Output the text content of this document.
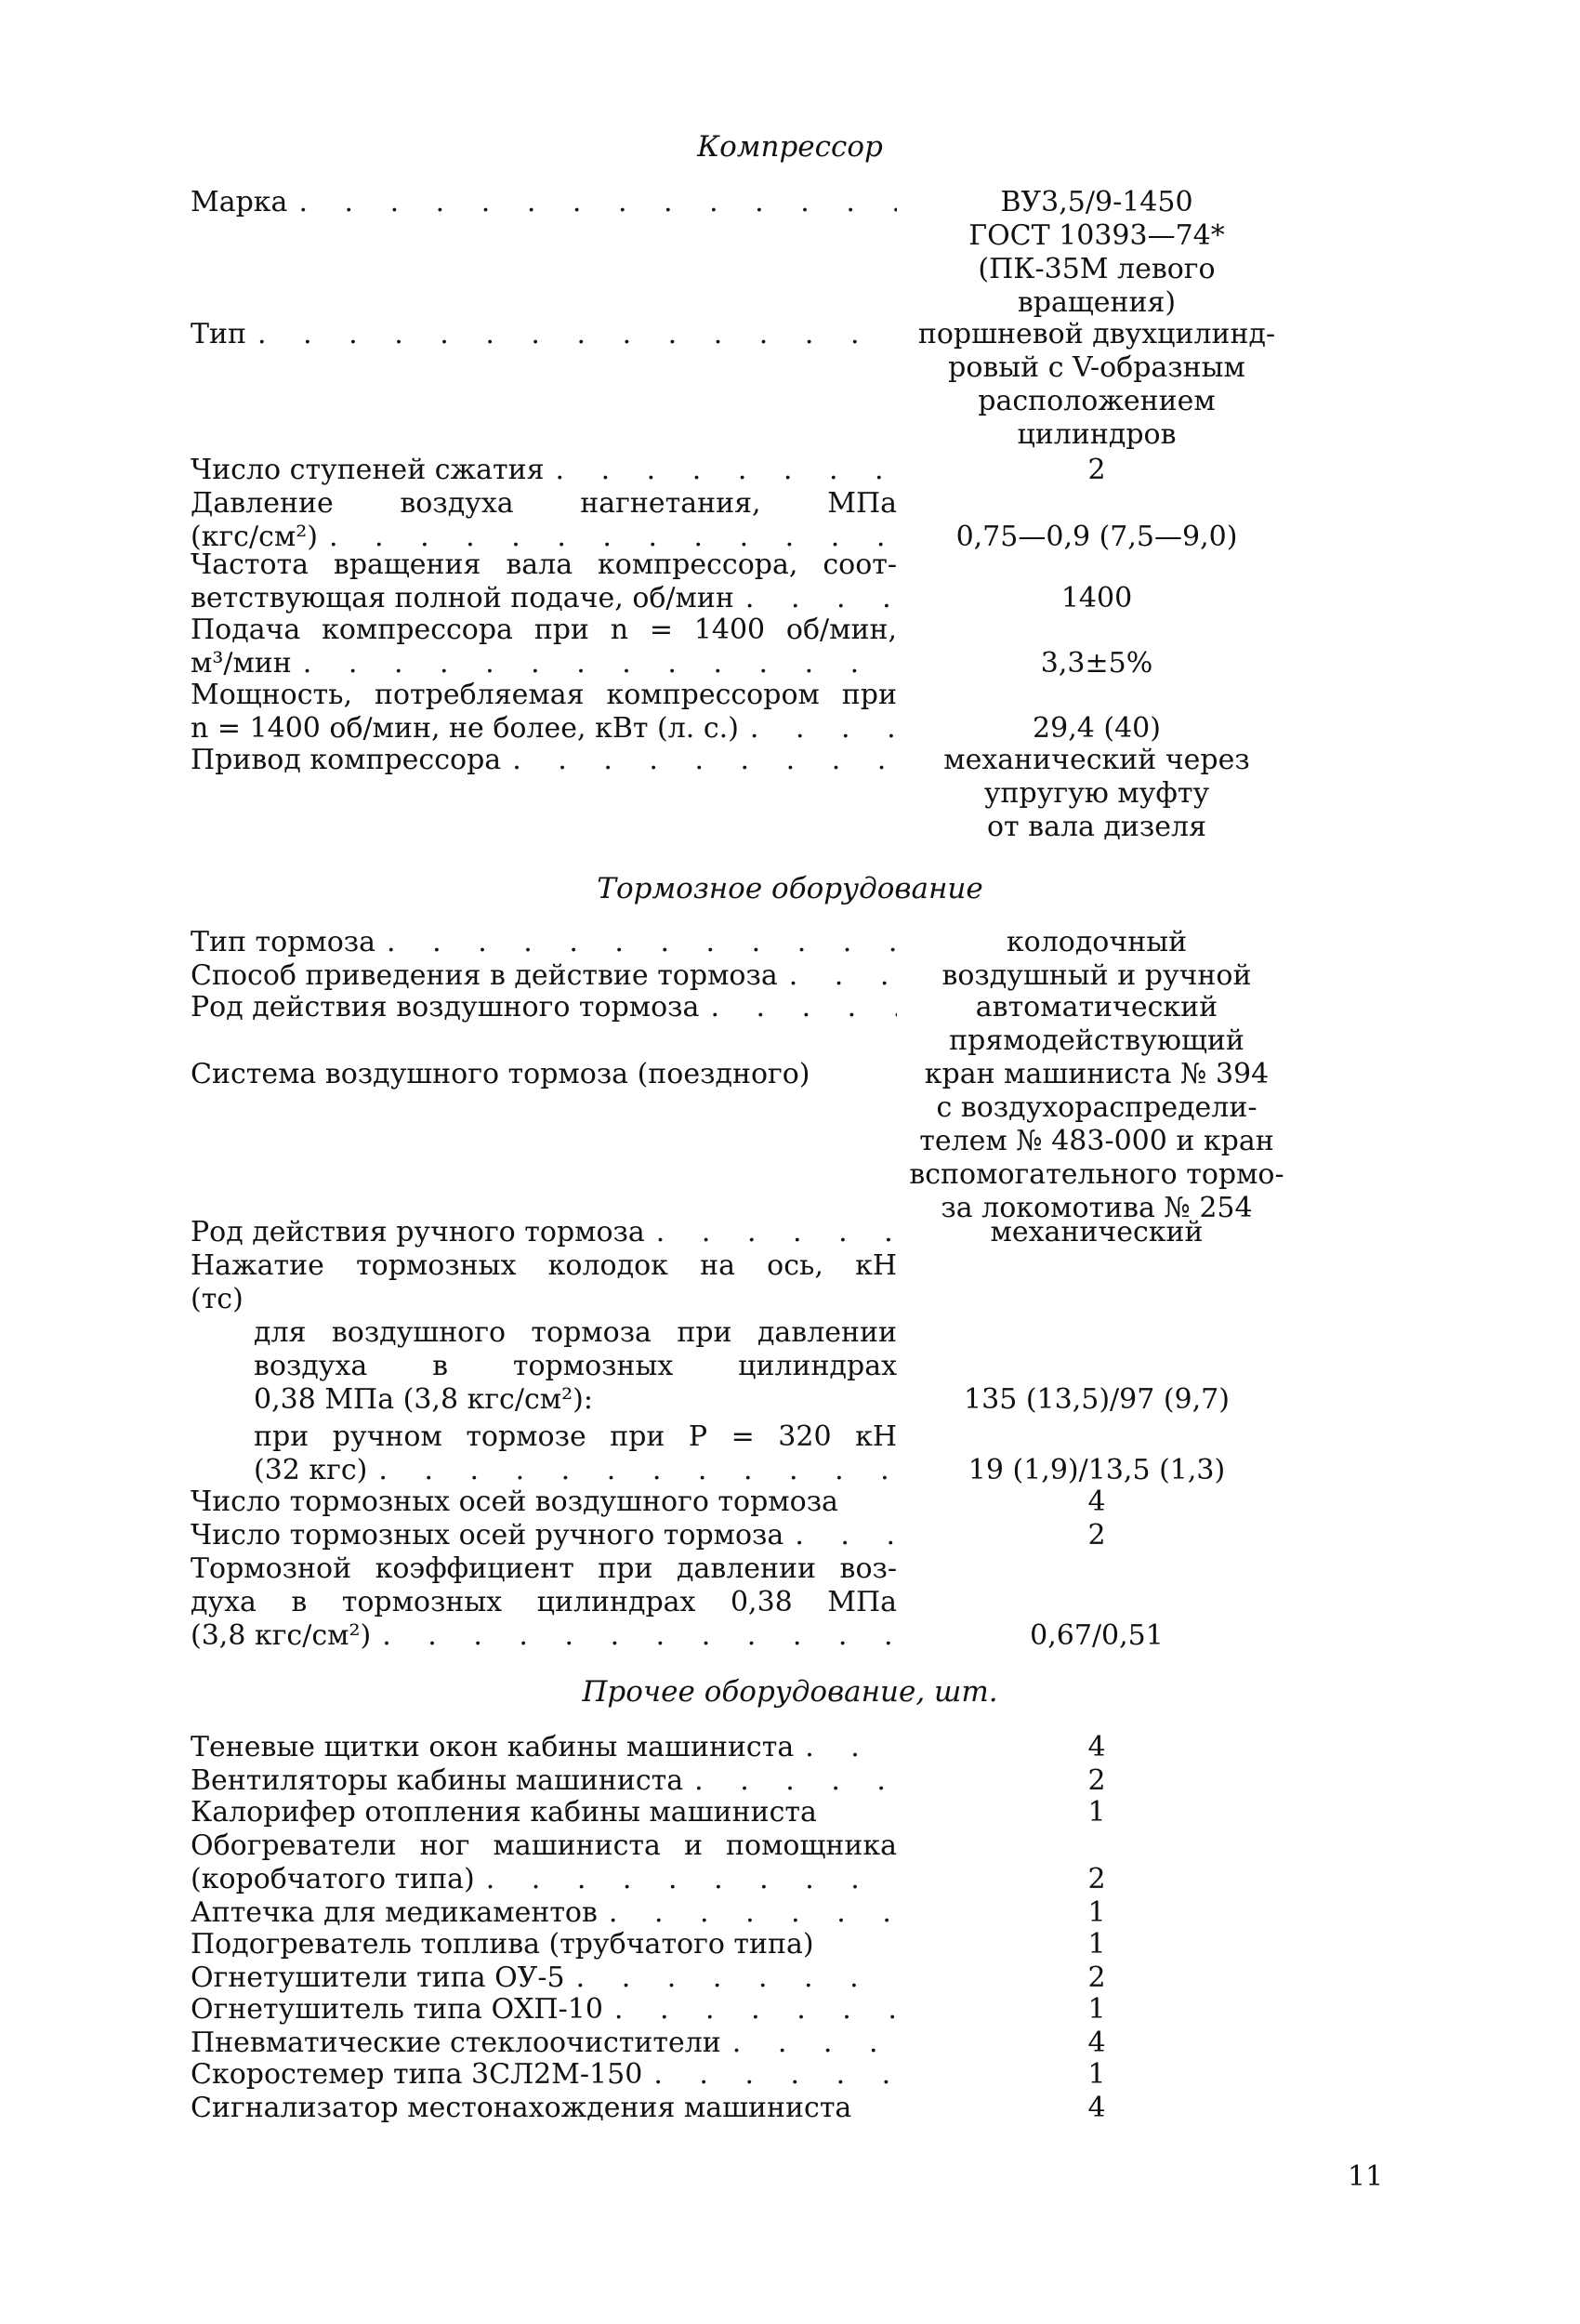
Компрессор
Тормозное оборудование
Прочее оборудование, шт.
Марка . . .	ВУ3,5/9-1450
ГОСТ 10393—74*
(ПК-35М левого
вращения)
Тип . . .	поршневой двухцилинд-
ровый с V-образным
расположением
цилиндров
Число ступеней сжатия . . .	2
Давление воздуха нагнетания, МПа
(кгс/см²) . . .	0,75—0,9 (7,5—9,0)
Частота вращения вала компрессора, соот-
ветствующая полной подаче, об/мин . . .	1400
Подача компрессора при n = 1400 об/мин,
м³/мин . . .	3,3±5%
Мощность, потребляемая компрессором при
n = 1400 об/мин, не более, кВт (л. с.) . . .	29,4 (40)
Привод компрессора . . .	механический через
упругую муфту
от вала дизеля
Тип тормоза . . .	колодочный
Способ приведения в действие тормоза . . .	воздушный и ручной
Род действия воздушного тормоза . . .	автоматический
прямодействующий
Система воздушного тормоза (поездного)	кран машиниста № 394
с воздухораспредели-
телем № 483-000 и кран
вспомогательного тормо-
за локомотива № 254
Род действия ручного тормоза . . .	механический
Нажатие тормозных колодок на ось, кН
(тс)
для воздушного тормоза при давлении
воздуха в тормозных цилиндрах
0,38 МПа (3,8 кгс/см²):	135 (13,5)/97 (9,7)
при ручном тормозе при P = 320 кН
(32 кгс) . . .	19 (1,9)/13,5 (1,3)
Число тормозных осей воздушного тормоза	4
Число тормозных осей ручного тормоза . . .	2
Тормозной коэффициент при давлении воз-
духа в тормозных цилиндрах 0,38 МПа
(3,8 кгс/см²) . . .	0,67/0,51
Теневые щитки окон кабины машиниста . . .	4
Вентиляторы кабины машиниста . . .	2
Калорифер отопления кабины машиниста	1
Обогреватели ног машиниста и помощника
(коробчатого типа) . . .	2
Аптечка для медикаментов . . .	1
Подогреватель топлива (трубчатого типа)	1
Огнетушители типа ОУ-5 . . .	2
Огнетушитель типа ОХП-10 . . .	1
Пневматические стеклоочистители . . .	4
Скоростемер типа 3СЛ2М-150 . . .	1
Сигнализатор местонахождения машиниста	4
11
